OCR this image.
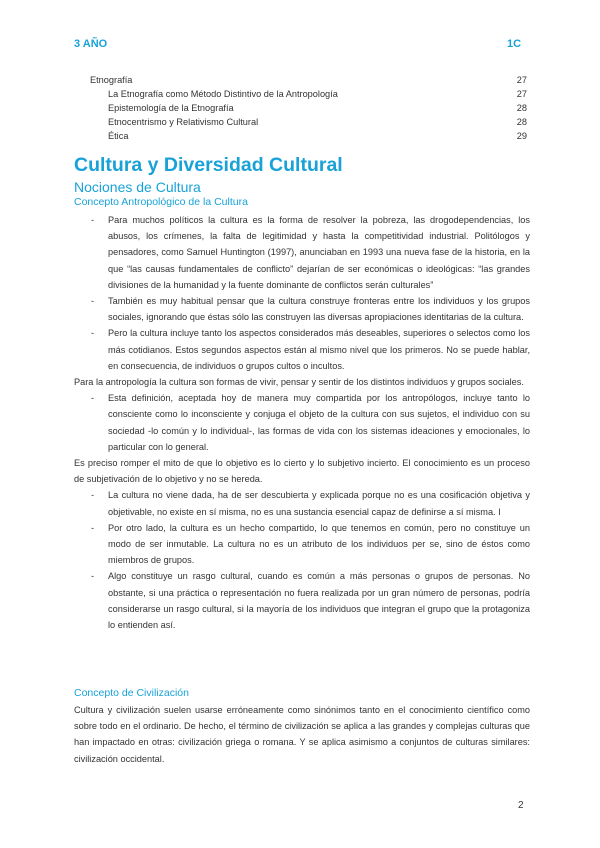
3 AÑO	1C
Etnografía	27
La Etnografía como Método Distintivo de la Antropología	27
Epistemología de la Etnografía	28
Etnocentrismo y Relativismo Cultural	28
Ética	29
Cultura y Diversidad Cultural
Nociones de Cultura
Concepto Antropológico de la Cultura
- Para muchos políticos la cultura es la forma de resolver la pobreza, las drogodependencias, los abusos, los crímenes, la falta de legitimidad y hasta la competitividad industrial. Politólogos y pensadores, como Samuel Huntington (1997), anunciaban en 1993 una nueva fase de la historia, en la que “las causas fundamentales de conflicto” dejarían de ser económicas o ideológicas: “las grandes divisiones de la humanidad y la fuente dominante de conflictos serán culturales”
- También es muy habitual pensar que la cultura construye fronteras entre los individuos y los grupos sociales, ignorando que éstas sólo las construyen las diversas apropiaciones identitarias de la cultura.
- Pero la cultura incluye tanto los aspectos considerados más deseables, superiores o selectos como los más cotidianos. Estos segundos aspectos están al mismo nivel que los primeros. No se puede hablar, en consecuencia, de individuos o grupos cultos o incultos.

Para la antropología la cultura son formas de vivir, pensar y sentir de los distintos individuos y grupos sociales.

- Esta definición, aceptada hoy de manera muy compartida por los antropólogos, incluye tanto lo consciente como lo inconsciente y conjuga el objeto de la cultura con sus sujetos, el individuo con su sociedad -lo común y lo individual-, las formas de vida con los sistemas ideaciones y emocionales, lo particular con lo general.

Es preciso romper el mito de que lo objetivo es lo cierto y lo subjetivo incierto. El conocimiento es un proceso de subjetivación de lo objetivo y no se hereda.

- La cultura no viene dada, ha de ser descubierta y explicada porque no es una cosificación objetiva y objetivable, no existe en sí misma, no es una sustancia esencial capaz de definirse a sí misma. I
- Por otro lado, la cultura es un hecho compartido, lo que tenemos en común, pero no constituye un modo de ser inmutable. La cultura no es un atributo de los individuos per se, sino de éstos como miembros de grupos.
- Algo constituye un rasgo cultural, cuando es común a más personas o grupos de personas. No obstante, si una práctica o representación no fuera realizada por un gran número de personas, podría considerarse un rasgo cultural, si la mayoría de los individuos que integran el grupo que la protagoniza lo entienden así.
Concepto de Civilización

Cultura y civilización suelen usarse erróneamente como sinónimos tanto en el conocimiento científico como sobre todo en el ordinario. De hecho, el término de civilización se aplica a las grandes y complejas culturas que han impactado en otras: civilización griega o romana. Y se aplica asimismo a conjuntos de culturas similares: civilización occidental.

2
